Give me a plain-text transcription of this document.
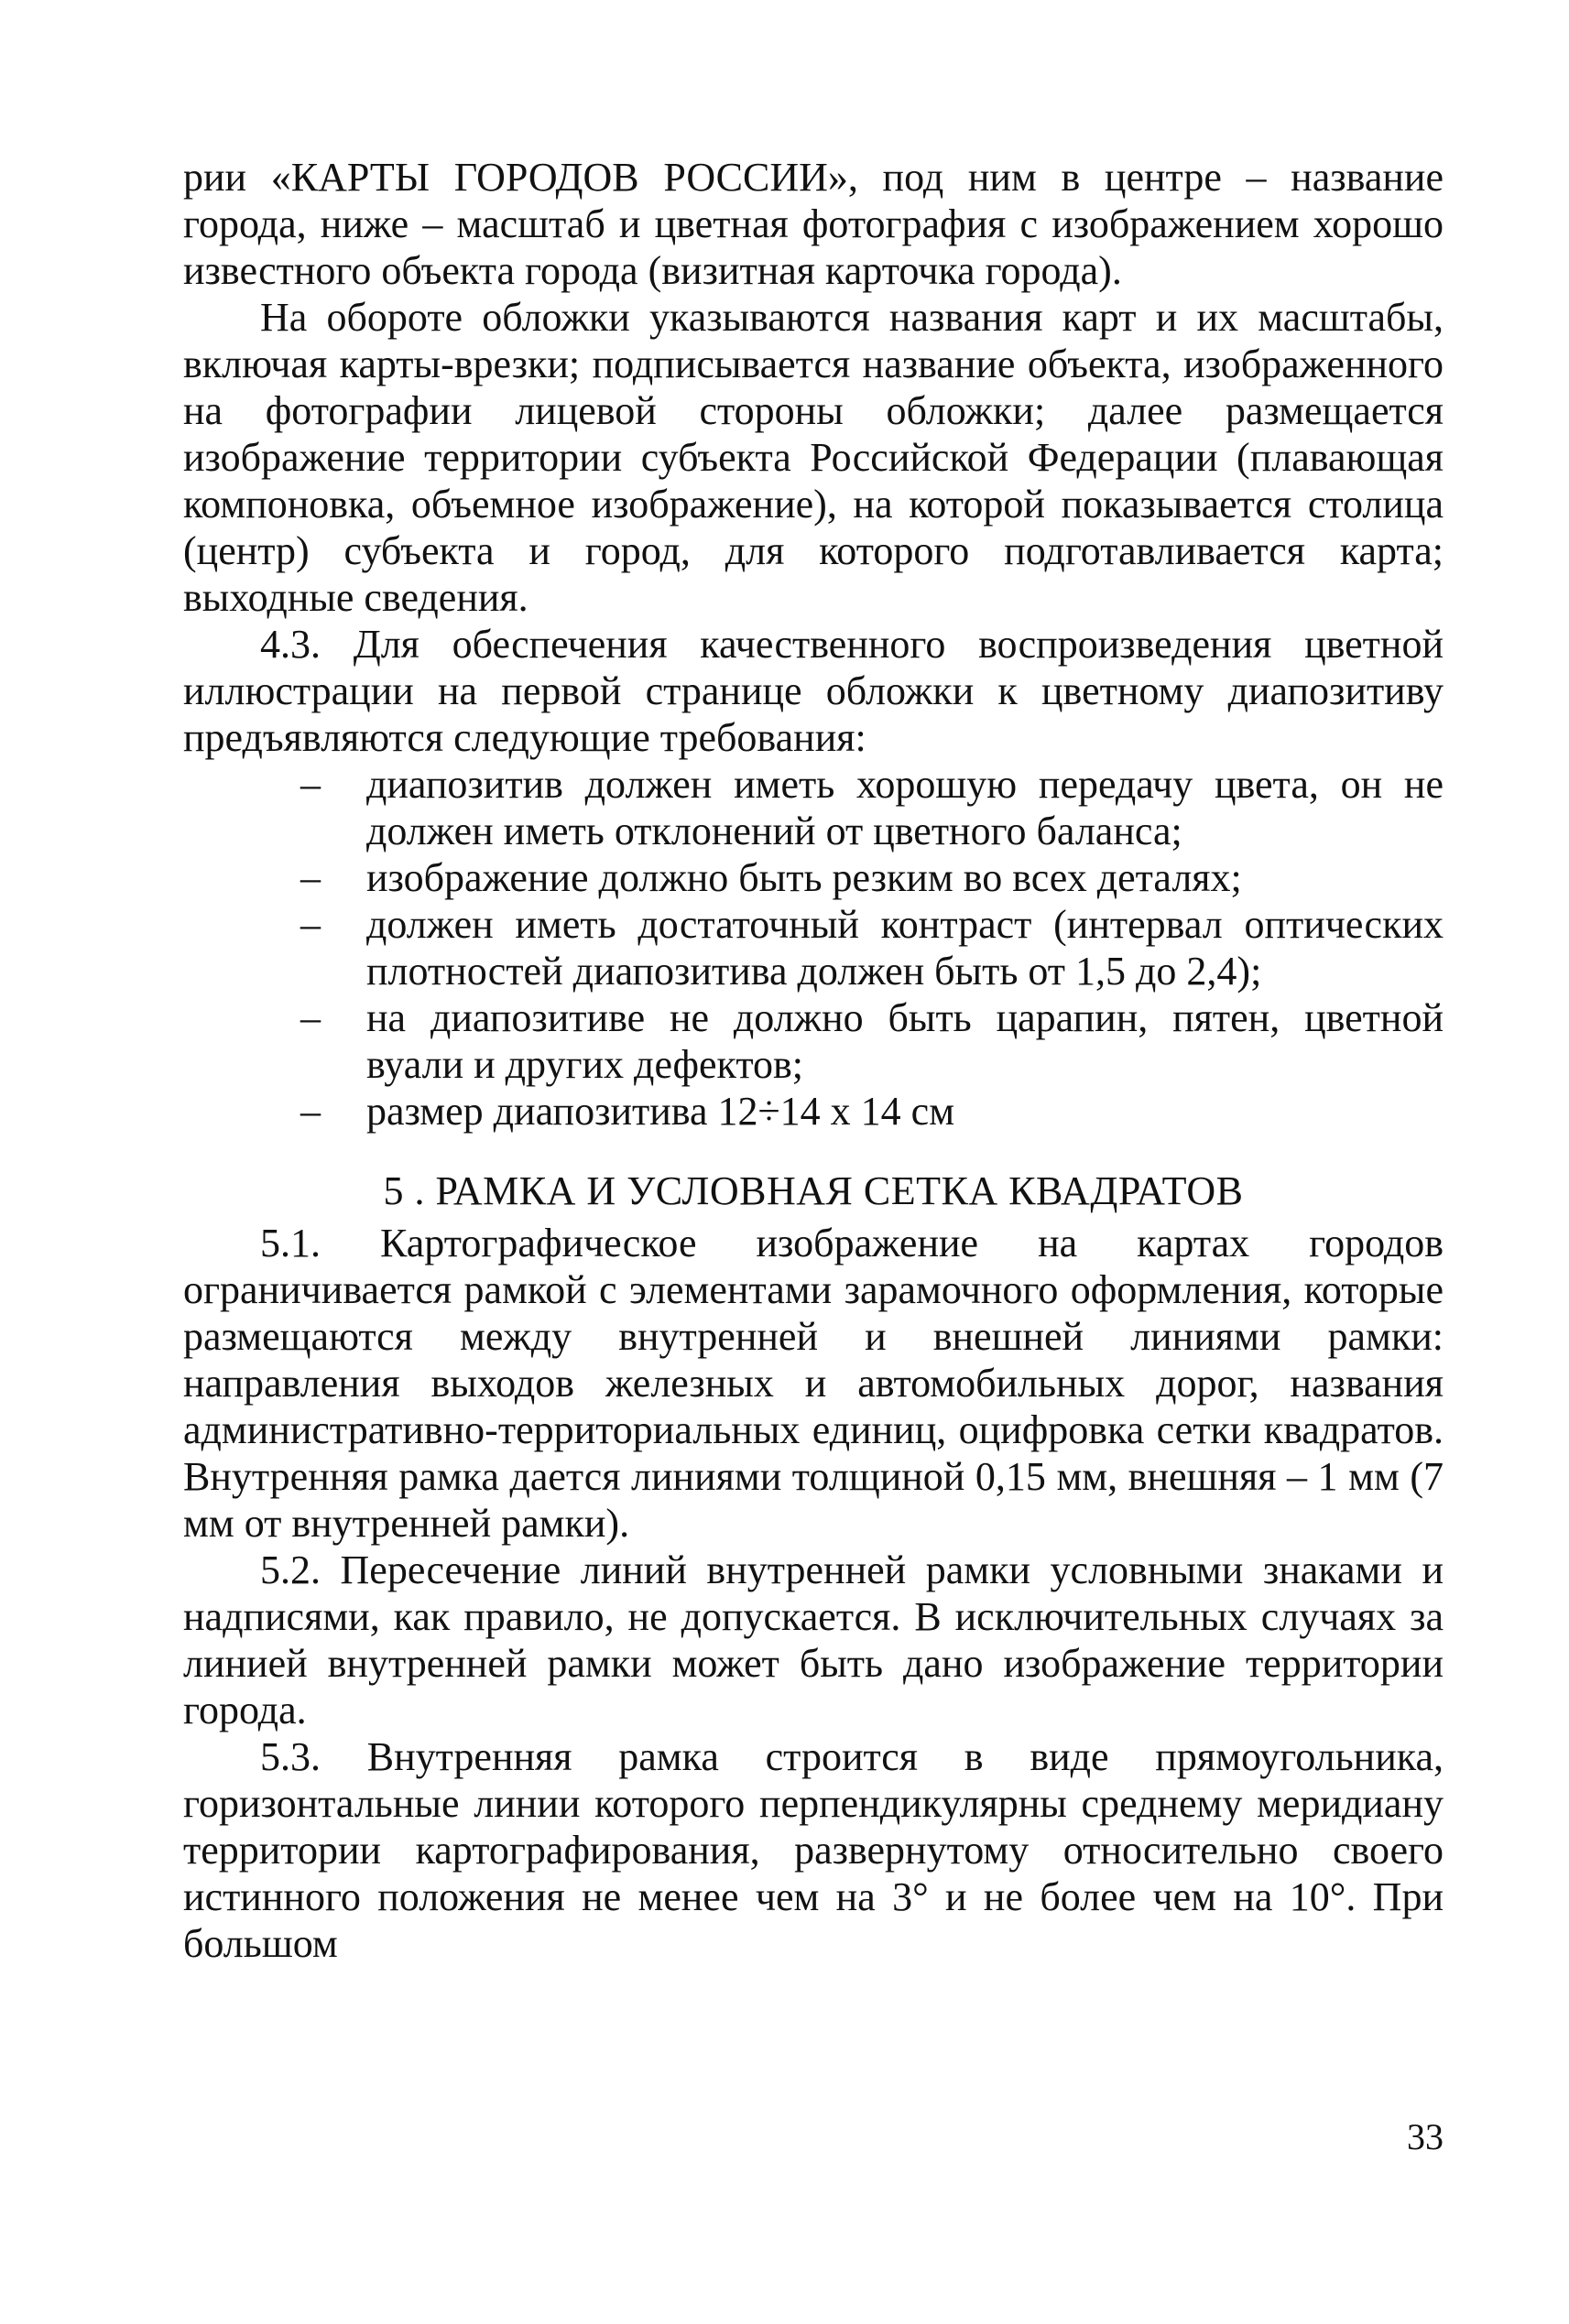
рии «КАРТЫ ГОРОДОВ РОССИИ», под ним в центре – название города, ниже – масштаб и цветная фотография с изображением хорошо известного объекта города (визитная карточка города).

На обороте обложки указываются названия карт и их масштабы, включая карты-врезки; подписывается название объекта, изображенного на фотографии лицевой стороны обложки; далее размещается изображение территории субъекта Российской Федерации (плавающая компоновка, объемное изображение), на которой показывается столица (центр) субъекта и город, для которого подготавливается карта; выходные сведения.

4.3. Для обеспечения качественного воспроизведения цветной иллюстрации на первой странице обложки к цветному диапозитиву предъявляются следующие требования:

– диапозитив должен иметь хорошую передачу цвета, он не должен иметь отклонений от цветного баланса;
– изображение должно быть резким во всех деталях;
– должен иметь достаточный контраст (интервал оптических плотностей диапозитива должен быть от 1,5 до 2,4);
– на диапозитиве не должно быть царапин, пятен, цветной вуали и других дефектов;
– размер диапозитива 12÷14 х 14 см
5 . РАМКА И УСЛОВНАЯ СЕТКА КВАДРАТОВ

5.1. Картографическое изображение на картах городов ограничивается рамкой с элементами зарамочного оформления, которые размещаются между внутренней и внешней линиями рамки: направления выходов железных и автомобильных дорог, названия административно-территориальных единиц, оцифровка сетки квадратов. Внутренняя рамка дается линиями толщиной 0,15 мм, внешняя – 1 мм (7 мм от внутренней рамки).

5.2. Пересечение линий внутренней рамки условными знаками и надписями, как правило, не допускается. В исключительных случаях за линией внутренней рамки может быть дано изображение территории города.

5.3. Внутренняя рамка строится в виде прямоугольника, горизонтальные линии которого перпендикулярны среднему меридиану территории картографирования, развернутому относительно своего истинного положения не менее чем на 3° и не более чем на 10°. При большом

33
